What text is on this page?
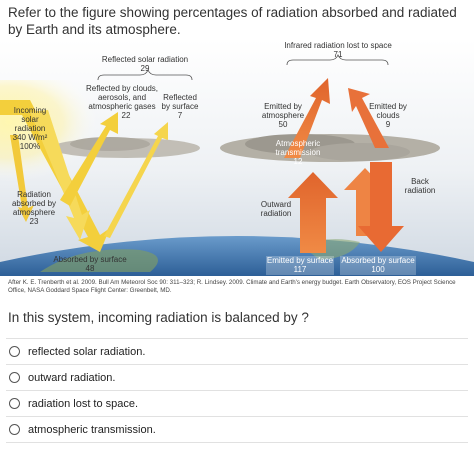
Refer to the figure showing percentages of radiation absorbed and radiated by Earth and its atmosphere.
Reflected solar radiation
29
Reflected by clouds,
aerosols, and
atmospheric gases
22
Reflected
by surface
7
Incoming
solar
radiation
340 W/m²
100%
Radiation
absorbed by
atmosphere
23
Absorbed by surface
48
Infrared radiation lost to space
71
Emitted by
atmosphere
50
Emitted by
clouds
9
Atmospheric
transmission
12
Back
radiation
Outward
radiation
Emitted by surface
117
Absorbed by surface
100
After K. E. Trenberth et al. 2009. Bull Am Meteorol Soc 90: 311–323; R. Lindsey. 2009. Climate and Earth's energy budget. Earth Observatory, EOS Project Science Office, NASA Goddard Space Flight Center: Greenbelt, MD.
In this system, incoming radiation is balanced by ?
reflected solar radiation.
outward radiation.
radiation lost to space.
atmospheric transmission.
